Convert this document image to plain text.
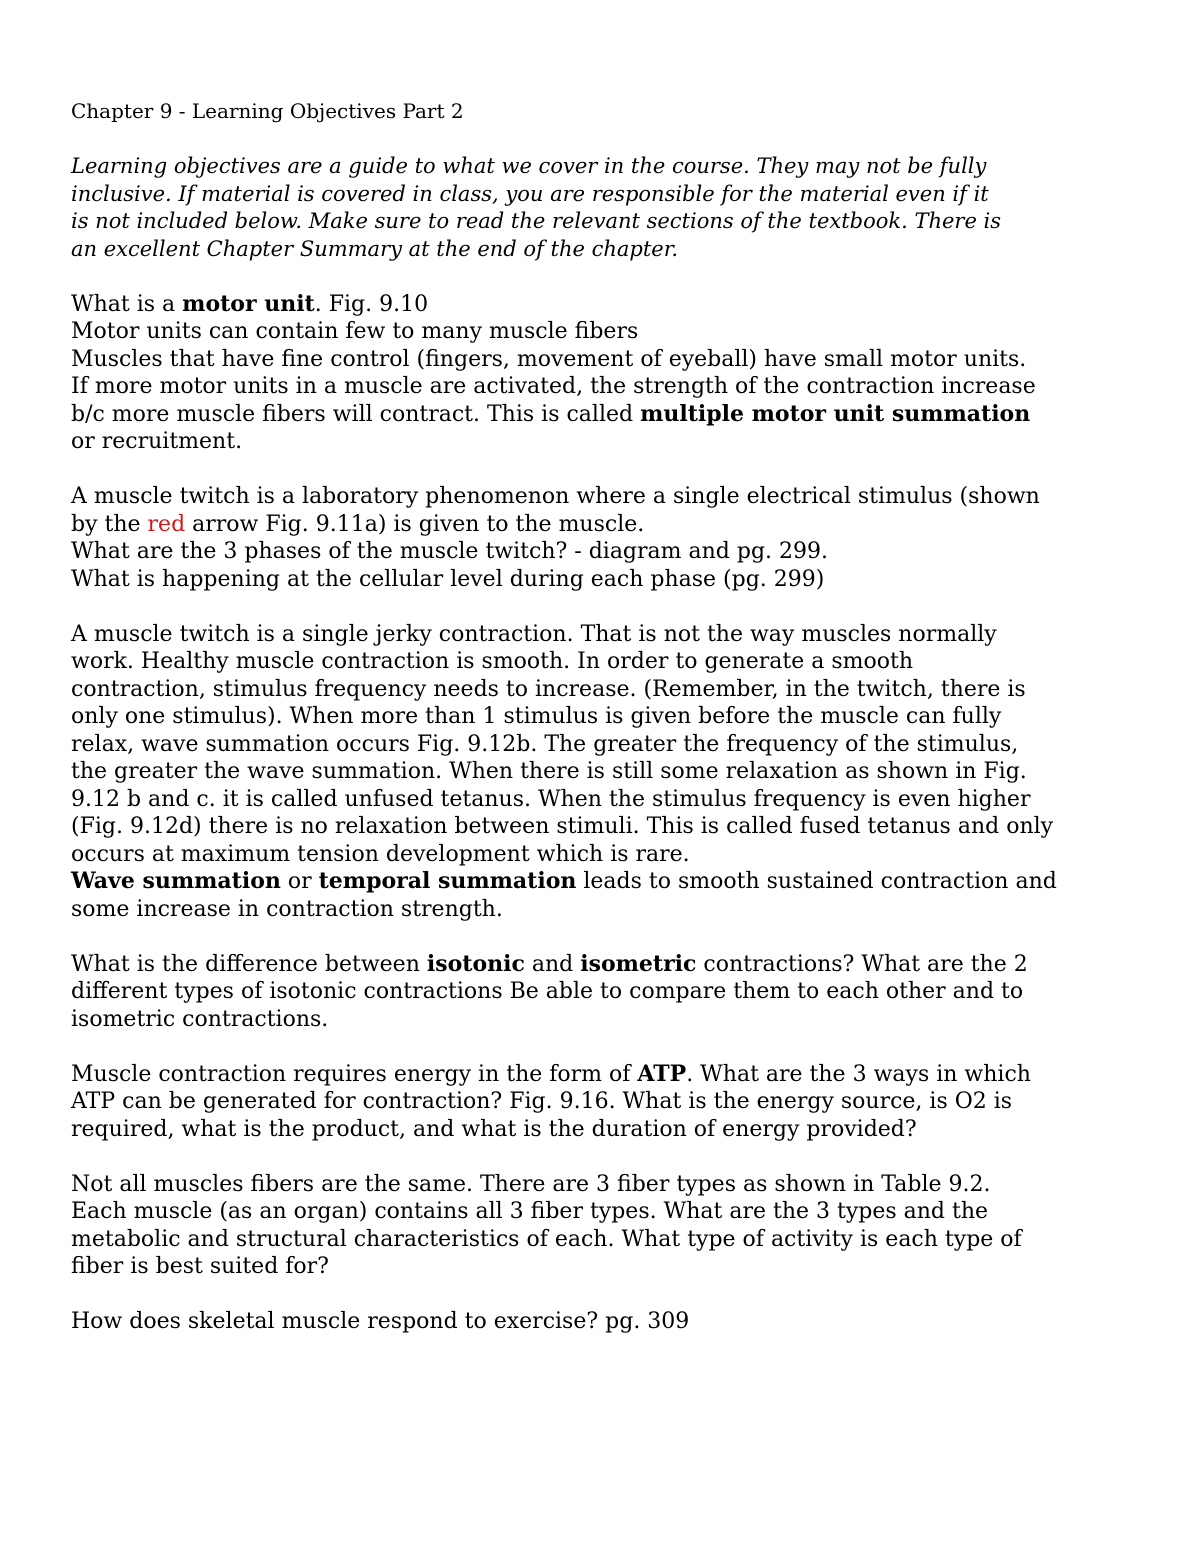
Chapter 9 - Learning Objectives Part 2
Learning objectives are a guide to what we cover in the course. They may not be fully
inclusive. If material is covered in class, you are responsible for the material even if it
is not included below. Make sure to read the relevant sections of the textbook. There is
an excellent Chapter Summary at the end of the chapter.
What is a motor unit. Fig. 9.10
Motor units can contain few to many muscle fibers
Muscles that have fine control (fingers, movement of eyeball) have small motor units.
If more motor units in a muscle are activated, the strength of the contraction increase
b/c more muscle fibers will contract. This is called multiple motor unit summation
or recruitment.
A muscle twitch is a laboratory phenomenon where a single electrical stimulus (shown
by the red arrow Fig. 9.11a) is given to the muscle.
What are the 3 phases of the muscle twitch? - diagram and pg. 299.
What is happening at the cellular level during each phase (pg. 299)
A muscle twitch is a single jerky contraction. That is not the way muscles normally
work. Healthy muscle contraction is smooth. In order to generate a smooth
contraction, stimulus frequency needs to increase. (Remember, in the twitch, there is
only one stimulus). When more than 1 stimulus is given before the muscle can fully
relax, wave summation occurs Fig. 9.12b. The greater the frequency of the stimulus,
the greater the wave summation. When there is still some relaxation as shown in Fig.
9.12 b and c. it is called unfused tetanus. When the stimulus frequency is even higher
(Fig. 9.12d) there is no relaxation between stimuli. This is called fused tetanus and only
occurs at maximum tension development which is rare.
Wave summation or temporal summation leads to smooth sustained contraction and
some increase in contraction strength.
What is the difference between isotonic and isometric contractions? What are the 2
different types of isotonic contractions Be able to compare them to each other and to
isometric contractions.
Muscle contraction requires energy in the form of ATP. What are the 3 ways in which
ATP can be generated for contraction? Fig. 9.16. What is the energy source, is O2 is
required, what is the product, and what is the duration of energy provided?
Not all muscles fibers are the same. There are 3 fiber types as shown in Table 9.2.
Each muscle (as an organ) contains all 3 fiber types. What are the 3 types and the
metabolic and structural characteristics of each. What type of activity is each type of
fiber is best suited for?
How does skeletal muscle respond to exercise? pg. 309
